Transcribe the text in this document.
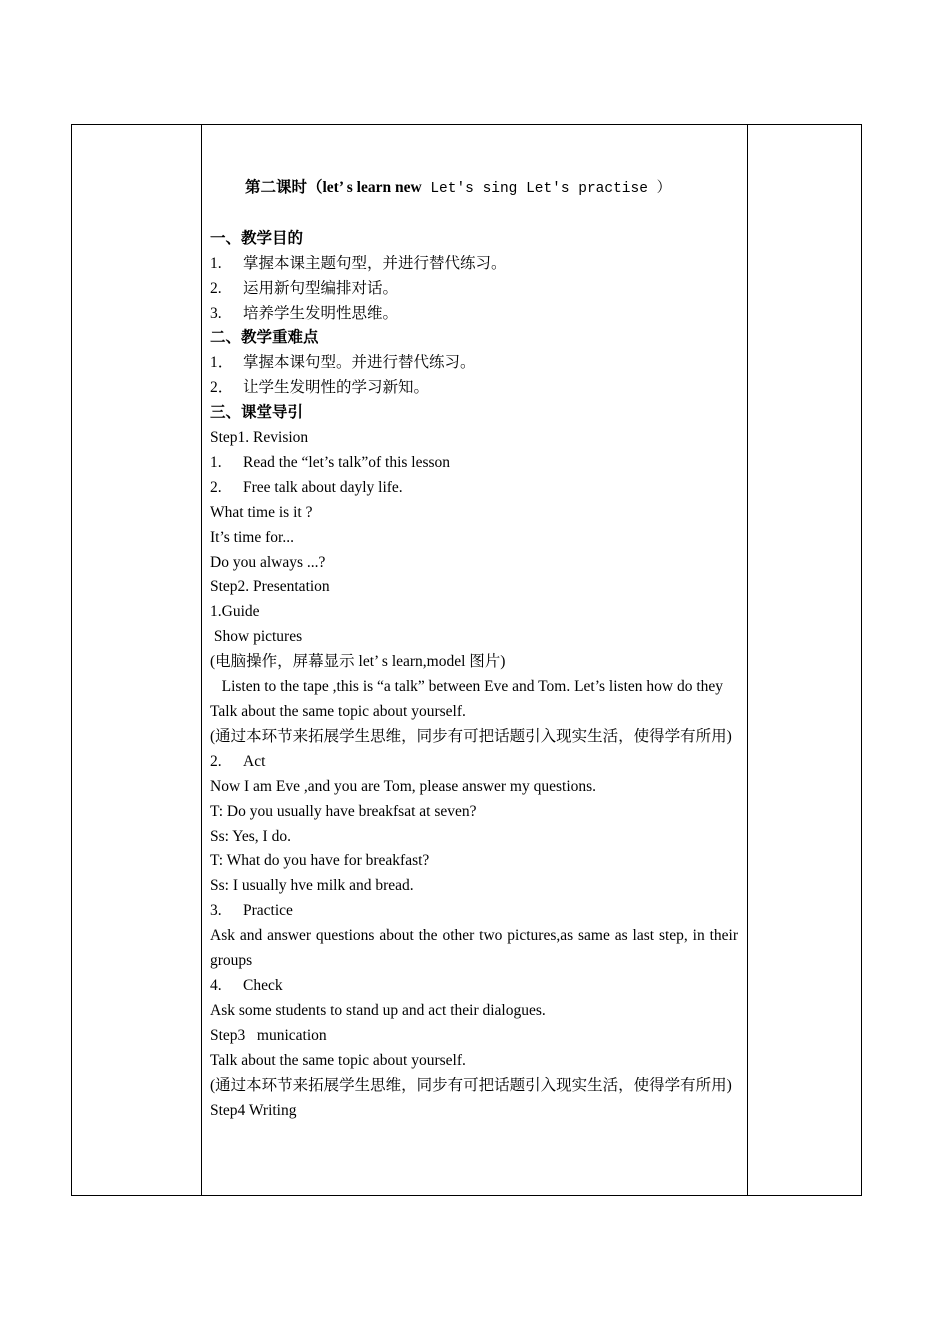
第二课时（let’ s learn new Let′s sing Let′s practise ）
一、教学目的
1. 掌握本课主题句型，并进行替代练习。
2. 运用新句型编排对话。
3. 培养学生发明性思维。
二、教学重难点
1． 掌握本课句型。并进行替代练习。
2． 让学生发明性的学习新知。
三、课堂导引
Step1. Revision
1. Read the “let’s talk”of this lesson
2. Free talk about dayly life.
What time is it ?
It’s time for...
Do you always ...?
Step2. Presentation
1.Guide
Show pictures
(电脑操作，屏幕显示 let’ s learn,model 图片)
Listen to the tape ,this is “a talk” between Eve and Tom. Let’s listen how do they
Talk about the same topic about yourself.
(通过本环节来拓展学生思维，同步有可把话题引入现实生活，使得学有所用)
2. Act
Now I am Eve ,and you are Tom, please answer my questions.
T: Do you usually have breakfsat at seven?
Ss: Yes, I do.
T: What do you have for breakfast?
Ss: I usually hve milk and bread.
3. Practice
Ask and answer questions about the other two pictures,as same as last step, in their  groups
4. Check
Ask some students to stand up and act their dialogues.
Step3   munication
Talk about the same topic about yourself.
(通过本环节来拓展学生思维，同步有可把话题引入现实生活，使得学有所用)
Step4 Writing
